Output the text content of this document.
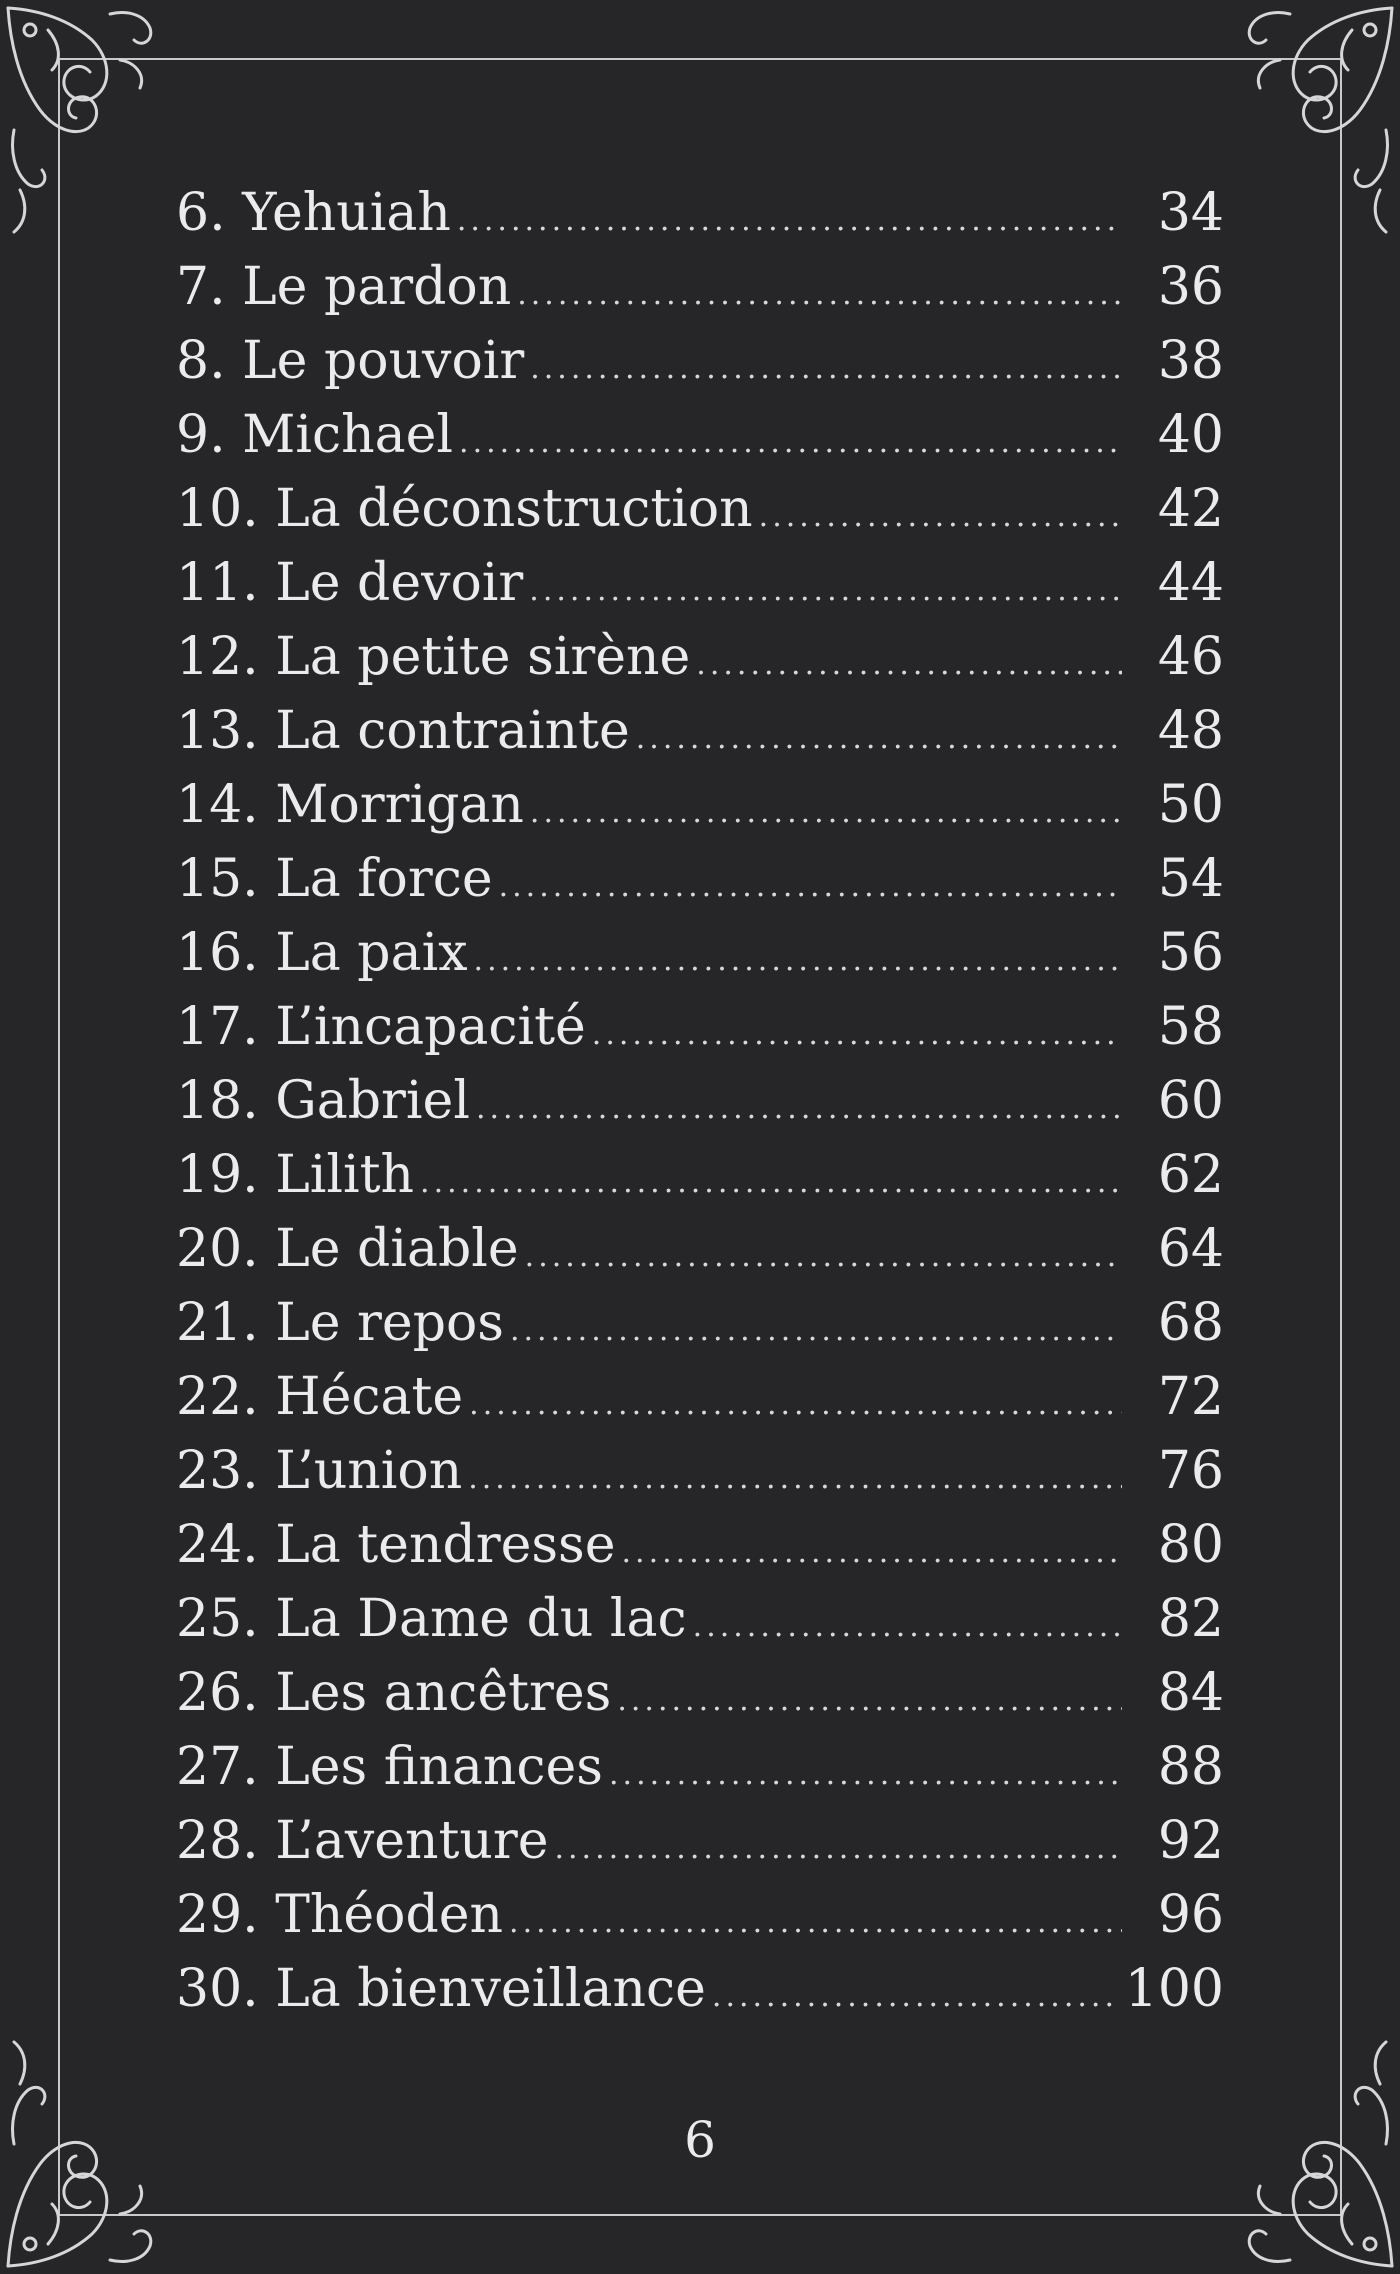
6. Yehuiah .....	34
7. Le pardon .....	36
8. Le pouvoir .....	38
9. Michael .....	40
10. La déconstruction .....	42
11. Le devoir .....	44
12. La petite sirène .....	46
13. La contrainte .....	48
14. Morrigan .....	50
15. La force .....	54
16. La paix .....	56
17. L’incapacité .....	58
18. Gabriel .....	60
19. Lilith .....	62
20. Le diable .....	64
21. Le repos .....	68
22. Hécate .....	72
23. L’union .....	76
24. La tendresse .....	80
25. La Dame du lac .....	82
26. Les ancêtres .....	84
27. Les finances .....	88
28. L’aventure .....	92
29. Théoden .....	96
30. La bienveillance .....	100
6
